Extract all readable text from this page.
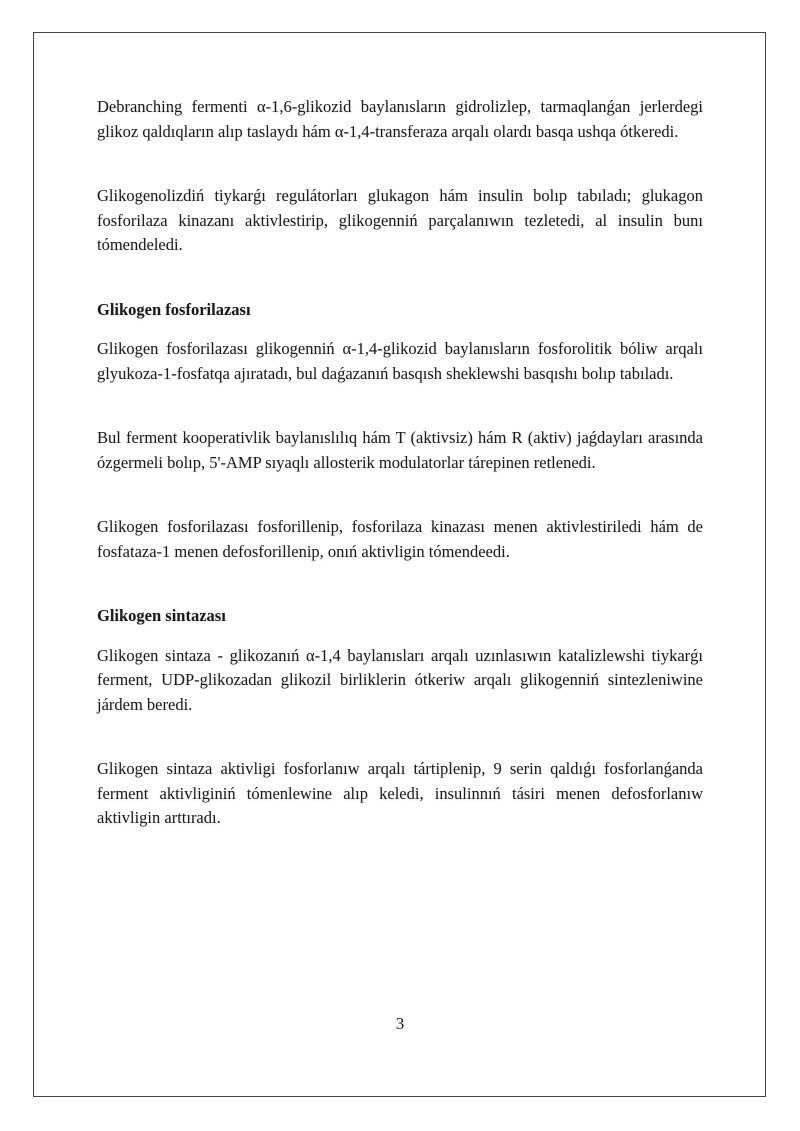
Debranching fermenti α-1,6-glikozid baylanısların gidrolizlep, tarmaqlanǵan jerlerdegi glikoz qaldıqların alıp taslaydı hám α-1,4-transferaza arqalı olardı basqa ushqa ótkeredi.

Glikogenolizdiń tiykarǵı regulátorları glukagon hám insulin bolıp tabıladı; glukagon fosforilaza kinazanı aktivlestirip, glikogenniń parçalanıwın tezletedi, al insulin bunı tómendeledi.

Glikogen fosforilazası

Glikogen fosforilazası glikogenniń α-1,4-glikozid baylanısların fosforolitik bóliw arqalı glyukoza-1-fosfatqa ajıratadı, bul daǵazanıń basqısh sheklewshi basqıshı bolıp tabıladı.

Bul ferment kooperativlik baylanıslılıq hám T (aktivsiz) hám R (aktiv) jaǵdayları arasında ózgermeli bolıp, 5'-AMP sıyaqlı allosterik modulatorlar tárepinen retlenedi.

Glikogen fosforilazası fosforillenip, fosforilaza kinazası menen aktivlestiriledi hám de fosfataza-1 menen defosforillenip, onıń aktivligin tómendeedi.

Glikogen sintazası

Glikogen sintaza - glikozanıń α-1,4 baylanısları arqalı uzınlasıwın katalizlewshi tiykarǵı ferment, UDP-glikozadan glikozil birliklerin ótkeriw arqalı glikogenniń sintezleniwine járdem beredi.

Glikogen sintaza aktivligi fosforlanıw arqalı tártiplenip, 9 serin qaldıǵı fosforlanǵanda ferment aktivliginiń tómenlewine alıp keledi, insulinnıń tásiri menen defosforlanıw aktivligin arttıradı.

3
